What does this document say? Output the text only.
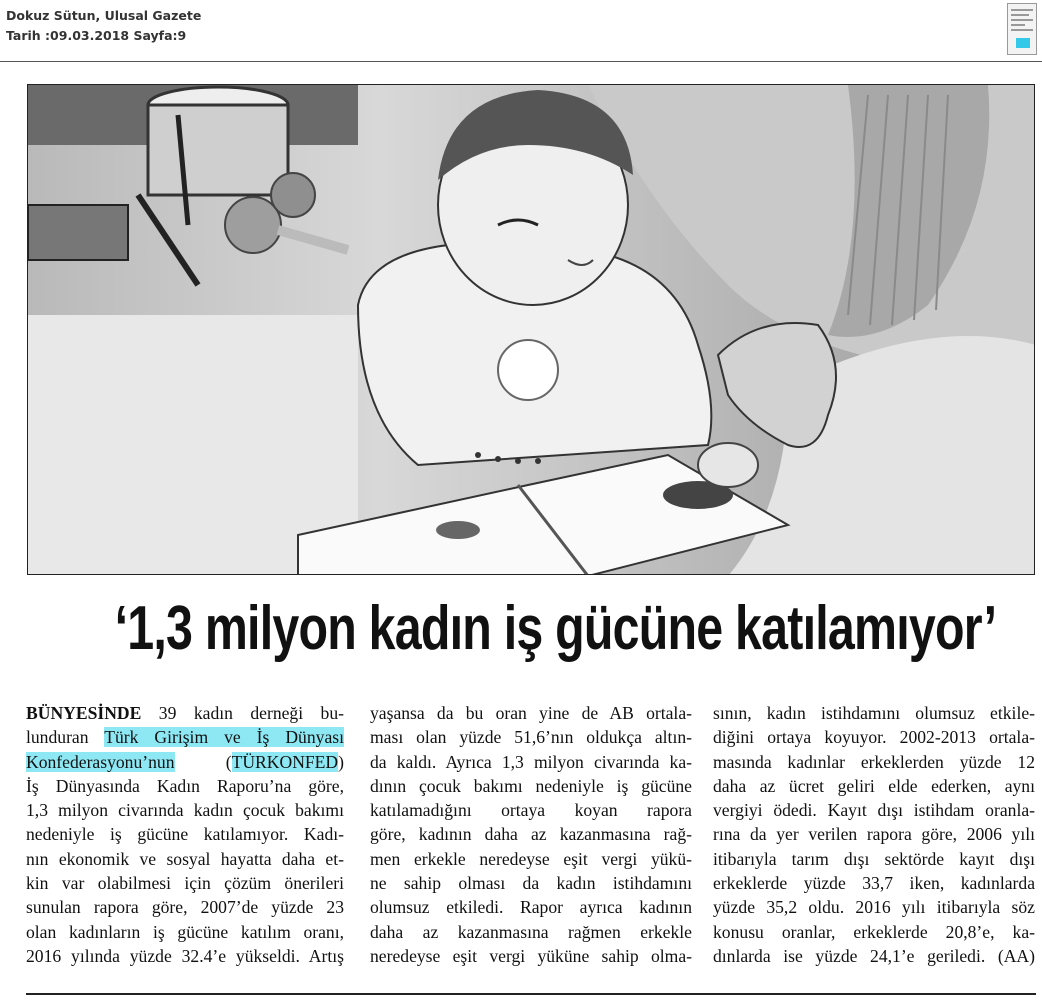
Dokuz Sütun, Ulusal Gazete
Tarih :09.03.2018 Sayfa:9
‘1,3 milyon kadın iş gücüne katılamıyor’
BÜNYESİNDE 39 kadın derneği bu-
lunduran Türk Girişim ve İş Dünyası
Konfederasyonu’nun (TÜRKONFED)
İş Dünyasında Kadın Raporu’na göre,
1,3 milyon civarında kadın çocuk bakımı
nedeniyle iş gücüne katılamıyor. Kadı-
nın ekonomik ve sosyal hayatta daha et-
kin var olabilmesi için çözüm önerileri
sunulan rapora göre, 2007’de yüzde 23
olan kadınların iş gücüne katılım oranı,
2016 yılında yüzde 32.4’e yükseldi. Artış
yaşansa da bu oran yine de AB ortala-
ması olan yüzde 51,6’nın oldukça altın-
da kaldı. Ayrıca 1,3 milyon civarında ka-
dının çocuk bakımı nedeniyle iş gücüne
katılamadığını ortaya koyan rapora
göre, kadının daha az kazanmasına rağ-
men erkekle neredeyse eşit vergi yükü-
ne sahip olması da kadın istihdamını
olumsuz etkiledi. Rapor ayrıca kadının
daha az kazanmasına rağmen erkekle
neredeyse eşit vergi yüküne sahip olma-
sının, kadın istihdamını olumsuz etkile-
diğini ortaya koyuyor. 2002-2013 ortala-
masında kadınlar erkeklerden yüzde 12
daha az ücret geliri elde ederken, aynı
vergiyi ödedi. Kayıt dışı istihdam oranla-
rına da yer verilen rapora göre, 2006 yılı
itibarıyla tarım dışı sektörde kayıt dışı
erkeklerde yüzde 33,7 iken, kadınlarda
yüzde 35,2 oldu. 2016 yılı itibarıyla söz
konusu oranlar, erkeklerde 20,8’e, ka-
dınlarda ise yüzde 24,1’e geriledi. (AA)
